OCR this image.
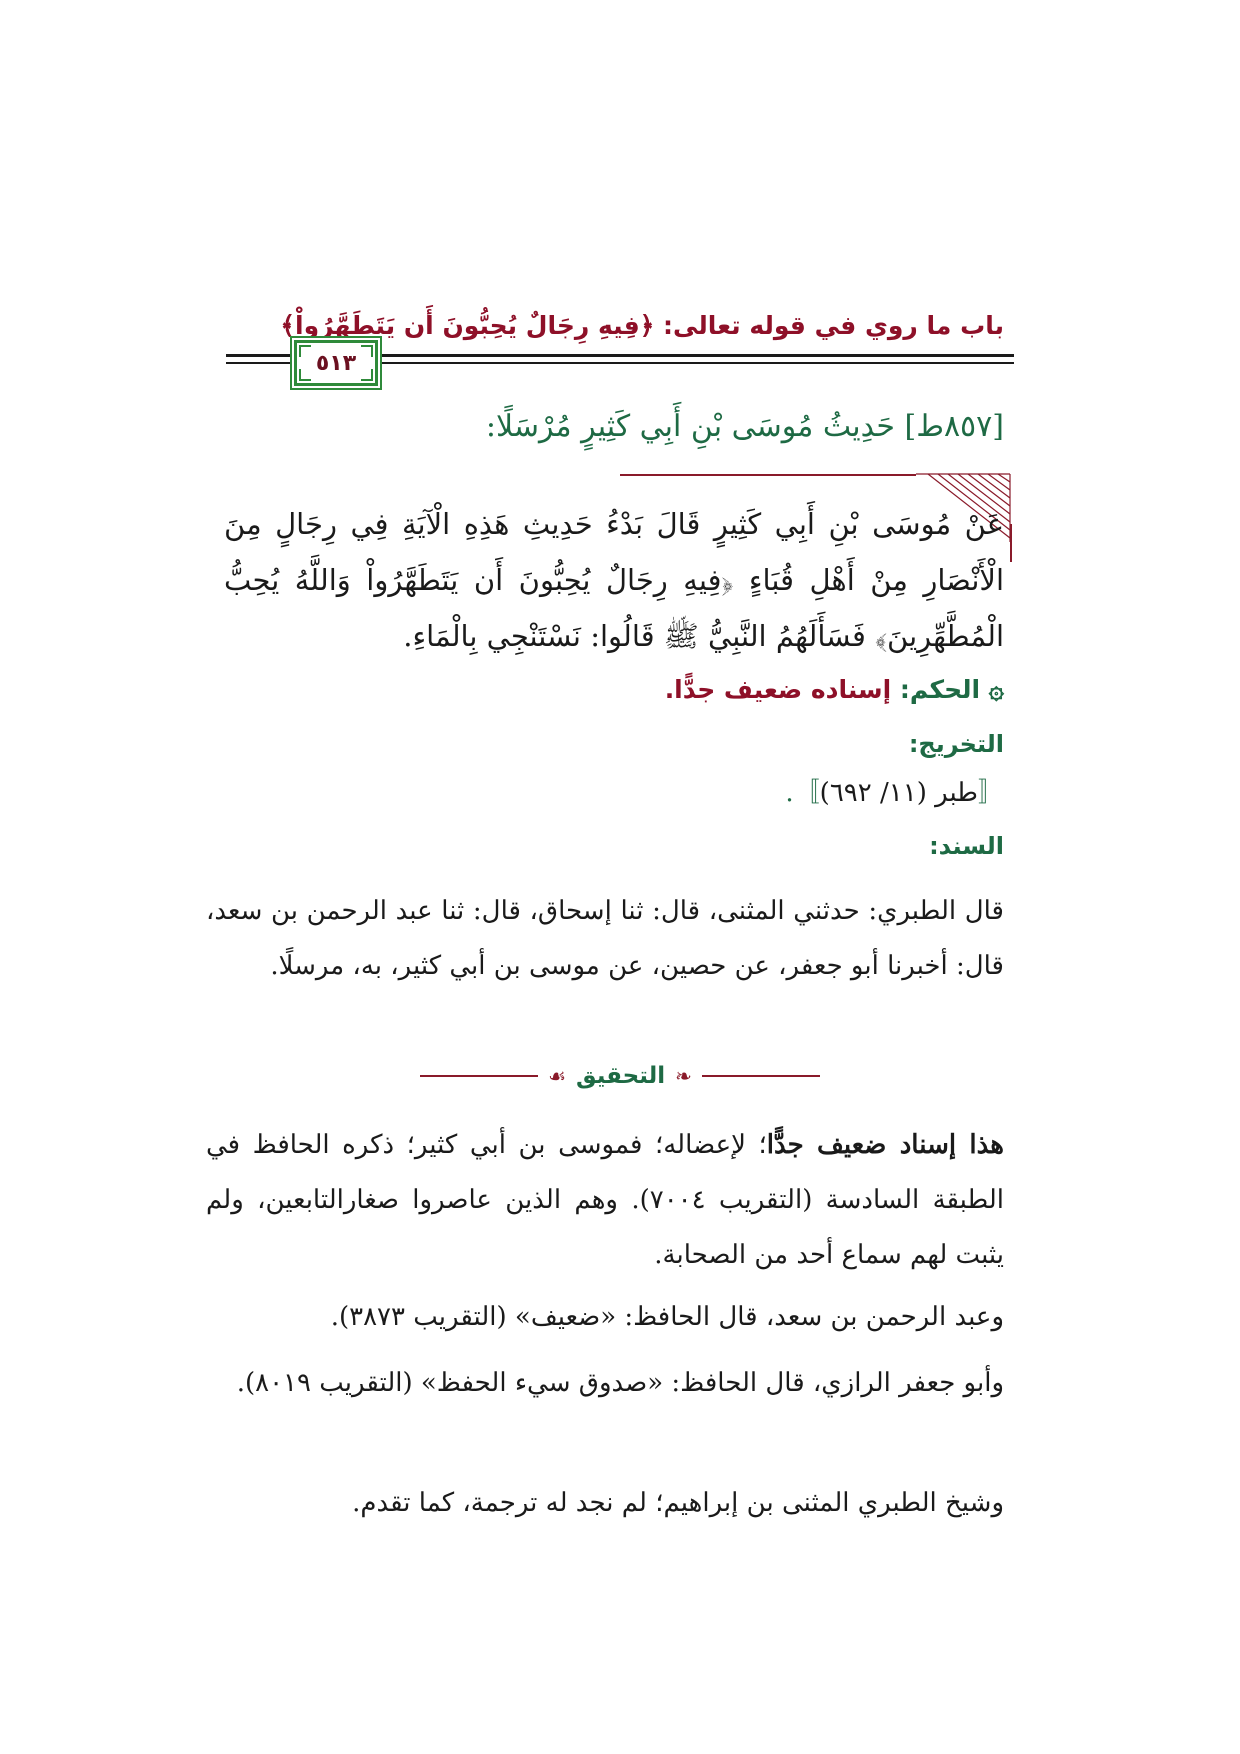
باب ما روي في قوله تعالى: ﴿فِيهِ رِجَالٌ يُحِبُّونَ أَن يَتَطَهَّرُواْ﴾
٥١٣
[٨٥٧ط] حَدِيثُ مُوسَى بْنِ أَبِي كَثِيرٍ مُرْسَلًا:

عَنْ مُوسَى بْنِ أَبِي كَثِيرٍ قَالَ بَدْءُ حَدِيثِ هَذِهِ الْآيَةِ فِي رِجَالٍ مِنَ الْأَنْصَارِ مِنْ أَهْلِ قُبَاءٍ ﴿فِيهِ رِجَالٌ يُحِبُّونَ أَن يَتَطَهَّرُواْ وَاللَّهُ يُحِبُّ الْمُطَّهِّرِينَ﴾ فَسَأَلَهُمُ النَّبِيُّ ﷺ قَالُوا: نَسْتَنْجِي بِالْمَاءِ.

۞ الحكم: إسناده ضعيف جدًّا.
التخريج:
〚طبر (١١/ ٦٩٢)〛.
السند:

قال الطبري: حدثني المثنى، قال: ثنا إسحاق، قال: ثنا عبد الرحمن بن سعد، قال: أخبرنا أبو جعفر، عن حصين، عن موسى بن أبي كثير، به، مرسلًا.

❧
التحقيق
☙

هذا إسناد ضعيف جدًّا؛ لإعضاله؛ فموسى بن أبي كثير؛ ذكره الحافظ في الطبقة السادسة (التقريب ٧٠٠٤). وهم الذين عاصروا صغارالتابعين، ولم يثبت لهم سماع أحد من الصحابة.

وعبد الرحمن بن سعد، قال الحافظ: «ضعيف» (التقريب ٣٨٧٣).

وأبو جعفر الرازي، قال الحافظ: «صدوق سيء الحفظ» (التقريب ٨٠١٩).

وشيخ الطبري المثنى بن إبراهيم؛ لم نجد له ترجمة، كما تقدم.
